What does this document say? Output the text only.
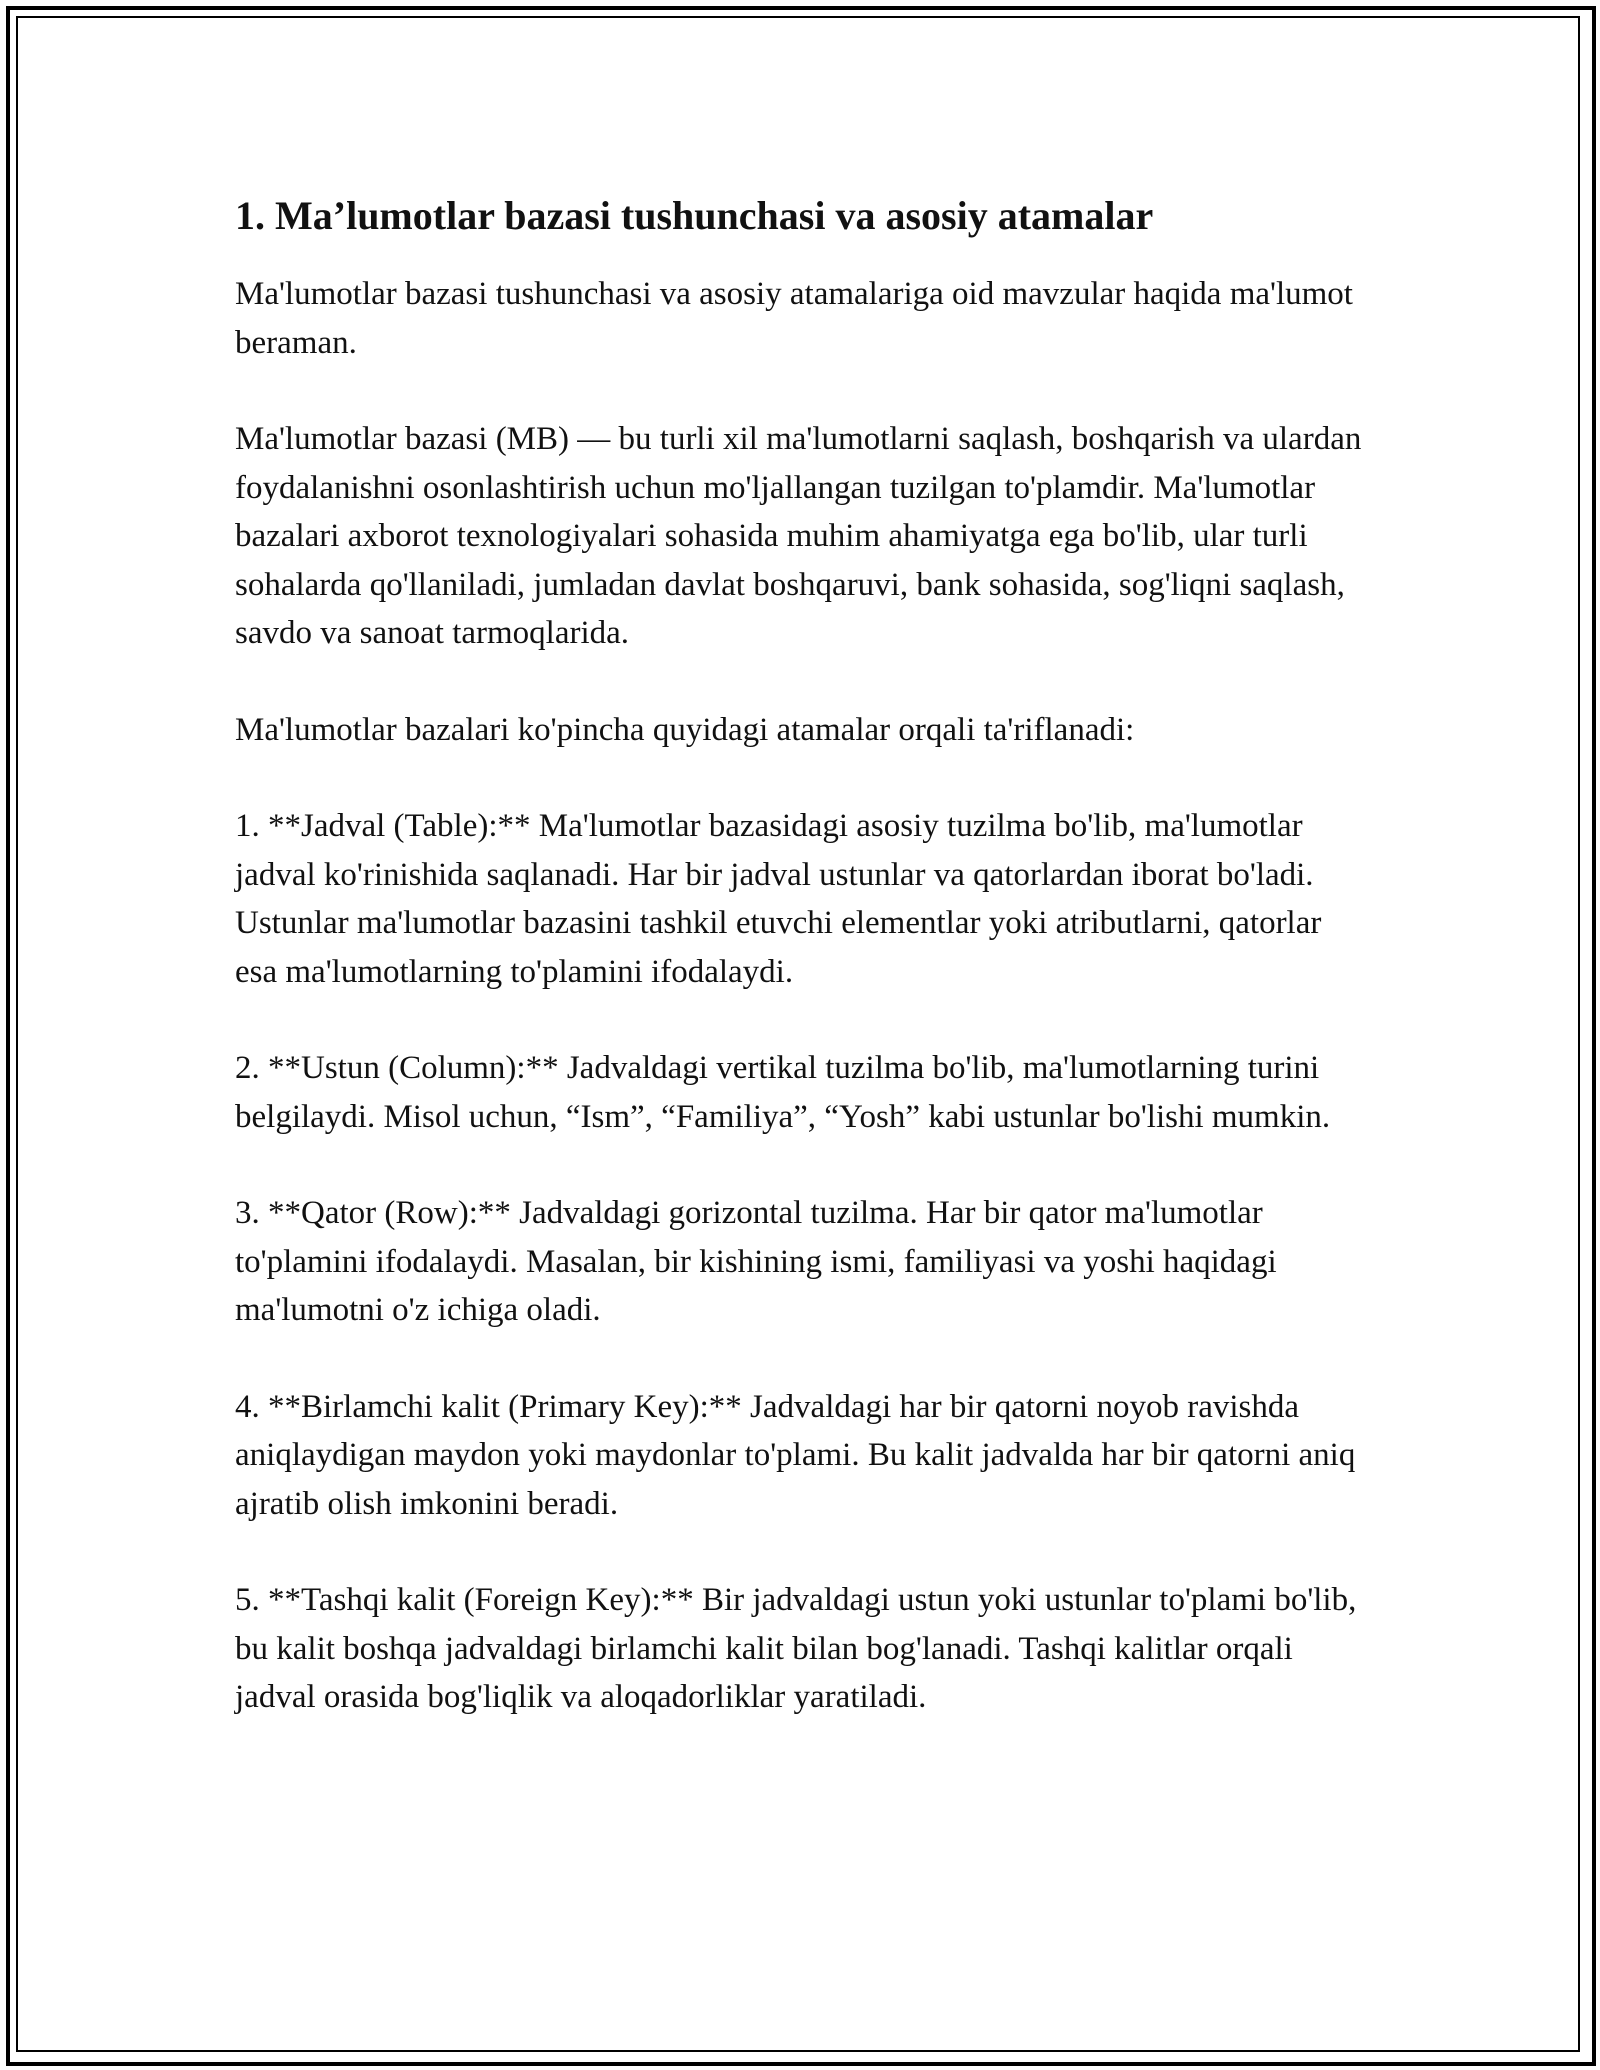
1. Ma’lumotlar bazasi tushunchasi va asosiy atamalar

Ma'lumotlar bazasi tushunchasi va asosiy atamalariga oid mavzular haqida ma'lumot beraman.

Ma'lumotlar bazasi (MB) — bu turli xil ma'lumotlarni saqlash, boshqarish va ulardan foydalanishni osonlashtirish uchun mo'ljallangan tuzilgan to'plamdir. Ma'lumotlar bazalari axborot texnologiyalari sohasida muhim ahamiyatga ega bo'lib, ular turli sohalarda qo'llaniladi, jumladan davlat boshqaruvi, bank sohasida, sog'liqni saqlash, savdo va sanoat tarmoqlarida.

Ma'lumotlar bazalari ko'pincha quyidagi atamalar orqali ta'riflanadi:

1. **Jadval (Table):** Ma'lumotlar bazasidagi asosiy tuzilma bo'lib, ma'lumotlar jadval ko'rinishida saqlanadi. Har bir jadval ustunlar va qatorlardan iborat bo'ladi. Ustunlar ma'lumotlar bazasini tashkil etuvchi elementlar yoki atributlarni, qatorlar esa ma'lumotlarning to'plamini ifodalaydi.

2. **Ustun (Column):** Jadvaldagi vertikal tuzilma bo'lib, ma'lumotlarning turini belgilaydi. Misol uchun, “Ism”, “Familiya”, “Yosh” kabi ustunlar bo'lishi mumkin.

3. **Qator (Row):** Jadvaldagi gorizontal tuzilma. Har bir qator ma'lumotlar to'plamini ifodalaydi. Masalan, bir kishining ismi, familiyasi va yoshi haqidagi ma'lumotni o'z ichiga oladi.

4. **Birlamchi kalit (Primary Key):** Jadvaldagi har bir qatorni noyob ravishda aniqlaydigan maydon yoki maydonlar to'plami. Bu kalit jadvalda har bir qatorni aniq ajratib olish imkonini beradi.

5. **Tashqi kalit (Foreign Key):** Bir jadvaldagi ustun yoki ustunlar to'plami bo'lib, bu kalit boshqa jadvaldagi birlamchi kalit bilan bog'lanadi. Tashqi kalitlar orqali jadval orasida bog'liqlik va aloqadorliklar yaratiladi.
